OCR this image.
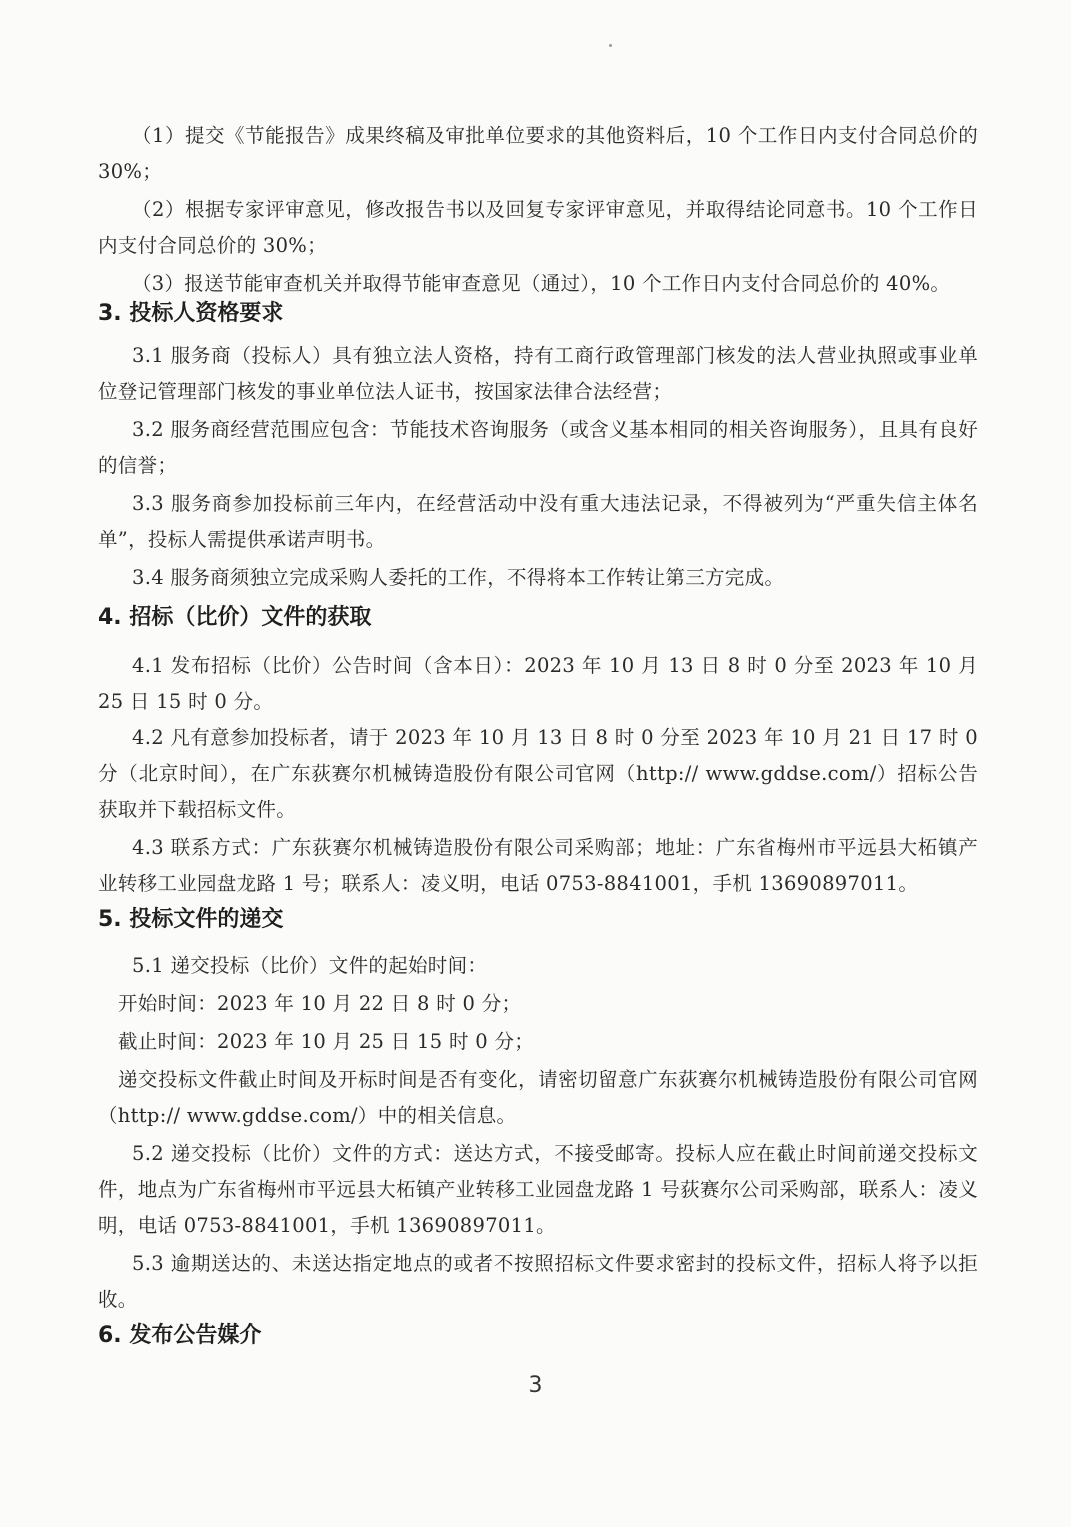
（1）提交《节能报告》成果终稿及审批单位要求的其他资料后，10 个工作日内支付合同总价的 30%；

（2）根据专家评审意见，修改报告书以及回复专家评审意见，并取得结论同意书。10 个工作日内支付合同总价的 30%；

（3）报送节能审查机关并取得节能审查意见（通过），10 个工作日内支付合同总价的 40%。

3. 投标人资格要求

3.1 服务商（投标人）具有独立法人资格，持有工商行政管理部门核发的法人营业执照或事业单位登记管理部门核发的事业单位法人证书，按国家法律合法经营；

3.2 服务商经营范围应包含：节能技术咨询服务（或含义基本相同的相关咨询服务），且具有良好的信誉；

3.3 服务商参加投标前三年内，在经营活动中没有重大违法记录，不得被列为“严重失信主体名单”，投标人需提供承诺声明书。

3.4 服务商须独立完成采购人委托的工作，不得将本工作转让第三方完成。

4. 招标（比价）文件的获取

4.1 发布招标（比价）公告时间（含本日）：2023 年 10 月 13 日 8 时 0 分至 2023 年 10 月 25 日 15 时 0 分。

4.2 凡有意参加投标者，请于 2023 年 10 月 13 日 8 时 0 分至 2023 年 10 月 21 日 17 时 0 分（北京时间），在广东荻赛尔机械铸造股份有限公司官网（http:// www.gddse.com/）招标公告获取并下载招标文件。

4.3 联系方式：广东荻赛尔机械铸造股份有限公司采购部；地址：广东省梅州市平远县大柘镇产业转移工业园盘龙路 1 号；联系人：凌义明，电话 0753-8841001，手机 13690897011。

5. 投标文件的递交

5.1 递交投标（比价）文件的起始时间：

开始时间：2023 年 10 月 22 日 8 时 0 分；

截止时间：2023 年 10 月 25 日 15 时 0 分；

递交投标文件截止时间及开标时间是否有变化，请密切留意广东荻赛尔机械铸造股份有限公司官网（http:// www.gddse.com/）中的相关信息。

5.2 递交投标（比价）文件的方式：送达方式，不接受邮寄。投标人应在截止时间前递交投标文件，地点为广东省梅州市平远县大柘镇产业转移工业园盘龙路 1 号荻赛尔公司采购部，联系人：凌义明，电话 0753-8841001，手机 13690897011。

5.3 逾期送达的、未送达指定地点的或者不按照招标文件要求密封的投标文件，招标人将予以拒收。

6. 发布公告媒介
3
